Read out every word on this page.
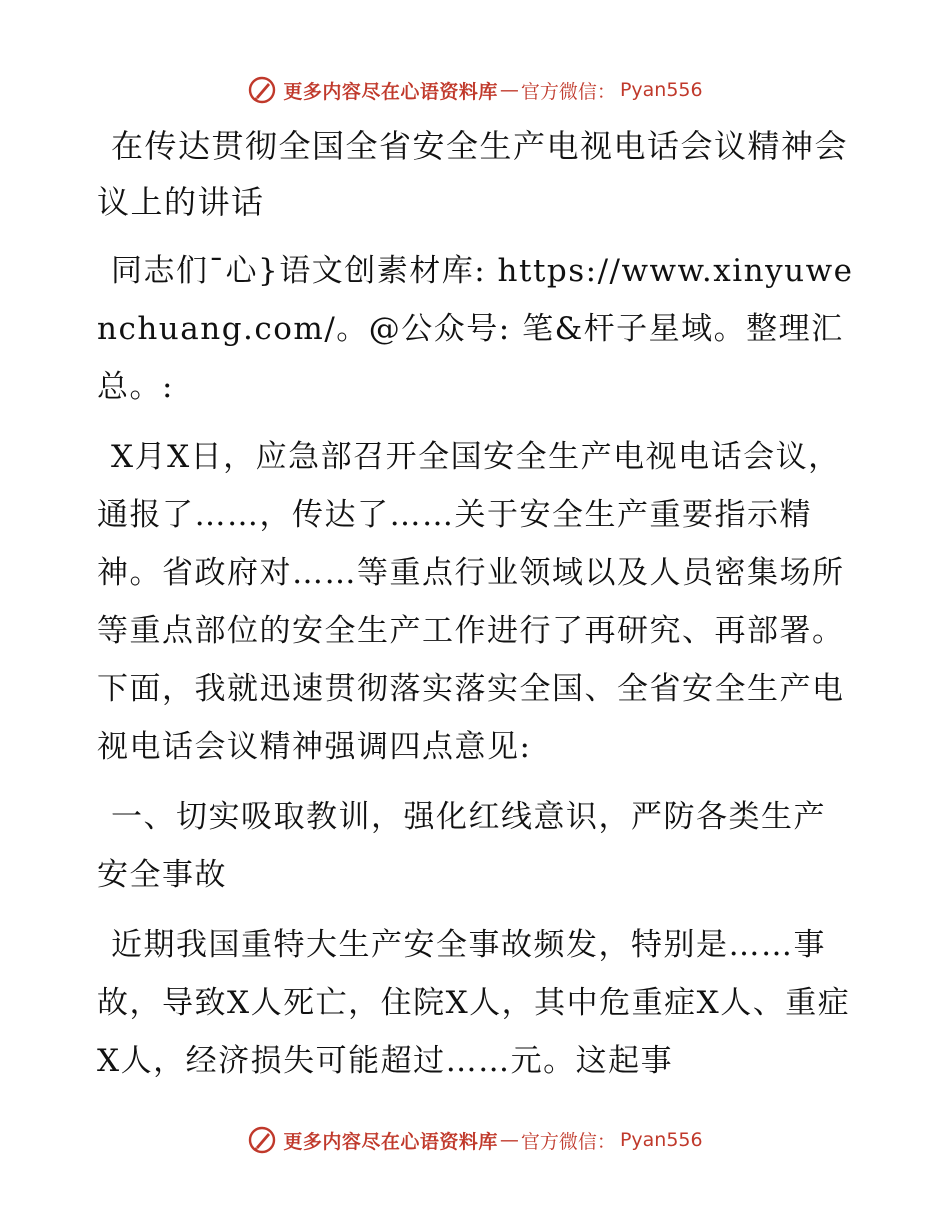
更多内容尽在心语资料库 — 官方微信： Pyan556

在传达贯彻全国全省安全生产电视电话会议精神会议上的讲话

同志们¯心}语文创素材库: https://www.xinyuwenchuang.com/。@公众号: 笔&杆子星域。整理汇总。:

X月X日，应急部召开全国安全生产电视电话会议，通报了……，传达了……关于安全生产重要指示精神。省政府对……等重点行业领域以及人员密集场所等重点部位的安全生产工作进行了再研究、再部署。下面，我就迅速贯彻落实落实全国、全省安全生产电视电话会议精神强调四点意见:

一、切实吸取教训，强化红线意识，严防各类生产安全事故

近期我国重特大生产安全事故频发，特别是……事故，导致X人死亡，住院X人，其中危重症X人、重症X人，经济损失可能超过……元。这起事

更多内容尽在心语资料库 — 官方微信： Pyan556
